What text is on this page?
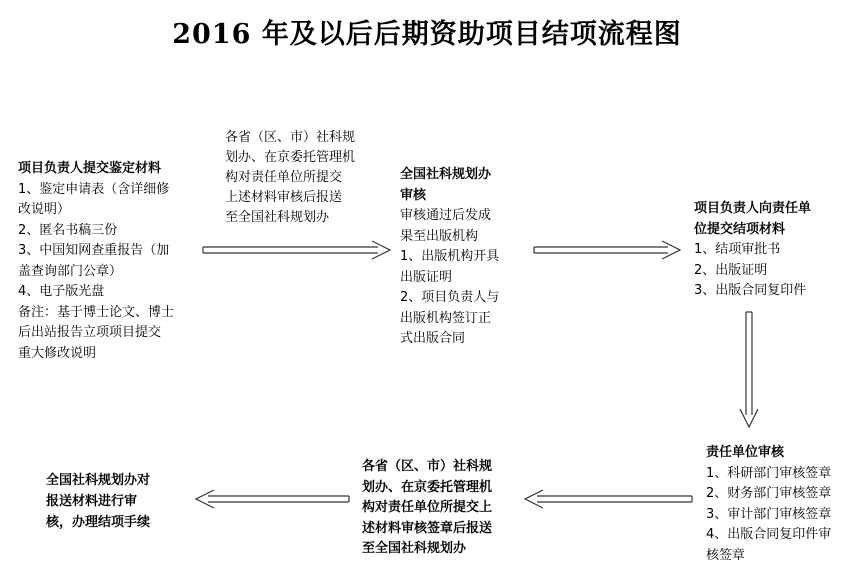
2016 年及以后后期资助项目结项流程图
项目负责人提交鉴定材料
1、鉴定申请表（含详细修
改说明）
2、匿名书稿三份
3、中国知网查重报告（加
盖查询部门公章）
4、电子版光盘
备注：基于博士论文、博士
后出站报告立项项目提交
重大修改说明
各省（区、市）社科规
划办、在京委托管理机
构对责任单位所提交
上述材料审核后报送
至全国社科规划办
全国社科规划办
审核
审核通过后发成
果至出版机构
1、出版机构开具
出版证明
2、项目负责人与
出版机构签订正
式出版合同
项目负责人向责任单
位提交结项材料
1、结项审批书
2、出版证明
3、出版合同复印件
责任单位审核
1、科研部门审核签章
2、财务部门审核签章
3、审计部门审核签章
4、出版合同复印件审
核签章
各省（区、市）社科规
划办、在京委托管理机
构对责任单位所提交上
述材料审核签章后报送
至全国社科规划办
全国社科规划办对
报送材料进行审
核，办理结项手续
